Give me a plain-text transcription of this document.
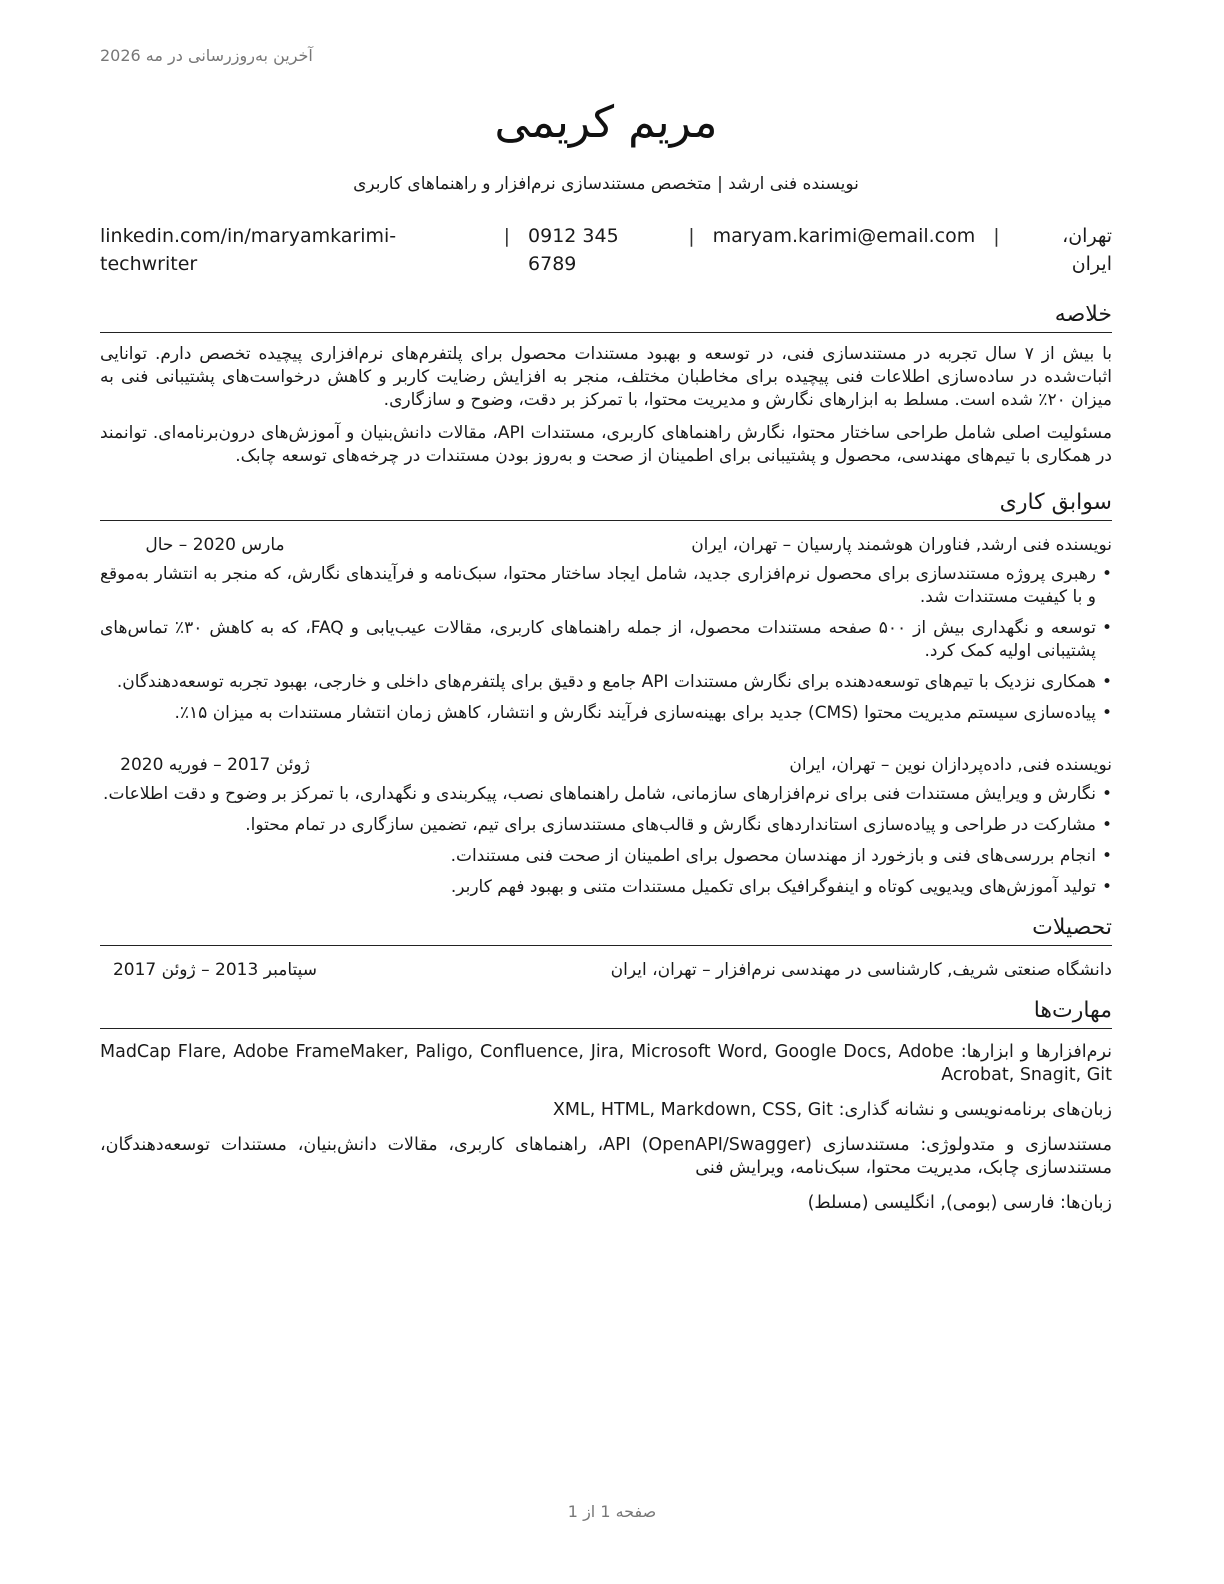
آخرین به‌روزرسانی در مه 2026
مریم کریمی
نویسنده فنی ارشد | متخصص مستندسازی نرم‌افزار و راهنماهای کاربری
تهران، ایران
|
maryam.karimi@email.com
|
0912 345 6789
|
linkedin.com/in/maryamkarimi-techwriter
خلاصه

با بیش از ۷ سال تجربه در مستندسازی فنی، در توسعه و بهبود مستندات محصول برای پلتفرم‌های نرم‌افزاری پیچیده تخصص دارم. توانایی اثبات‌شده در ساده‌سازی اطلاعات فنی پیچیده برای مخاطبان مختلف، منجر به افزایش رضایت کاربر و کاهش درخواست‌های پشتیبانی فنی به میزان ۲۰٪ شده است. مسلط به ابزارهای نگارش و مدیریت محتوا، با تمرکز بر دقت، وضوح و سازگاری.

مسئولیت اصلی شامل طراحی ساختار محتوا، نگارش راهنماهای کاربری، مستندات API، مقالات دانش‌بنیان و آموزش‌های درون‌برنامه‌ای. توانمند در همکاری با تیم‌های مهندسی، محصول و پشتیبانی برای اطمینان از صحت و به‌روز بودن مستندات در چرخه‌های توسعه چابک.

سوابق کاری
نویسنده فنی ارشد, فناوران هوشمند پارسیان – تهران، ایران
مارس 2020 – حال
• رهبری پروژه مستندسازی برای محصول نرم‌افزاری جدید، شامل ایجاد ساختار محتوا، سبک‌نامه و فرآیندهای نگارش، که منجر به انتشار به‌موقع و با کیفیت مستندات شد.
• توسعه و نگهداری بیش از ۵۰۰ صفحه مستندات محصول، از جمله راهنماهای کاربری، مقالات عیب‌یابی و FAQ، که به کاهش ۳۰٪ تماس‌های پشتیبانی اولیه کمک کرد.
• همکاری نزدیک با تیم‌های توسعه‌دهنده برای نگارش مستندات API جامع و دقیق برای پلتفرم‌های داخلی و خارجی، بهبود تجربه توسعه‌دهندگان.
• پیاده‌سازی سیستم مدیریت محتوا (CMS) جدید برای بهینه‌سازی فرآیند نگارش و انتشار، کاهش زمان انتشار مستندات به میزان ۱۵٪.
نویسنده فنی, داده‌پردازان نوین – تهران، ایران
ژوئن 2017 – فوریه 2020
• نگارش و ویرایش مستندات فنی برای نرم‌افزارهای سازمانی، شامل راهنماهای نصب، پیکربندی و نگهداری، با تمرکز بر وضوح و دقت اطلاعات.
• مشارکت در طراحی و پیاده‌سازی استانداردهای نگارش و قالب‌های مستندسازی برای تیم، تضمین سازگاری در تمام محتوا.
• انجام بررسی‌های فنی و بازخورد از مهندسان محصول برای اطمینان از صحت فنی مستندات.
• تولید آموزش‌های ویدیویی کوتاه و اینفوگرافیک برای تکمیل مستندات متنی و بهبود فهم کاربر.
تحصیلات
دانشگاه صنعتی شریف, کارشناسی در مهندسی نرم‌افزار – تهران، ایران
سپتامبر 2013 – ژوئن 2017
مهارت‌ها
نرم‌افزارها و ابزارها: MadCap Flare, Adobe FrameMaker, Paligo, Confluence, Jira, Microsoft Word, Google Docs, Adobe Acrobat, Snagit, Git
زبان‌های برنامه‌نویسی و نشانه گذاری: XML, HTML, Markdown, CSS, Git
مستندسازی و متدولوژی: مستندسازی API (OpenAPI/Swagger)، راهنماهای کاربری، مقالات دانش‌بنیان، مستندات توسعه‌دهندگان، مستندسازی چابک، مدیریت محتوا، سبک‌نامه، ویرایش فنی
زبان‌ها: فارسی (بومی), انگلیسی (مسلط)
صفحه 1 از 1
